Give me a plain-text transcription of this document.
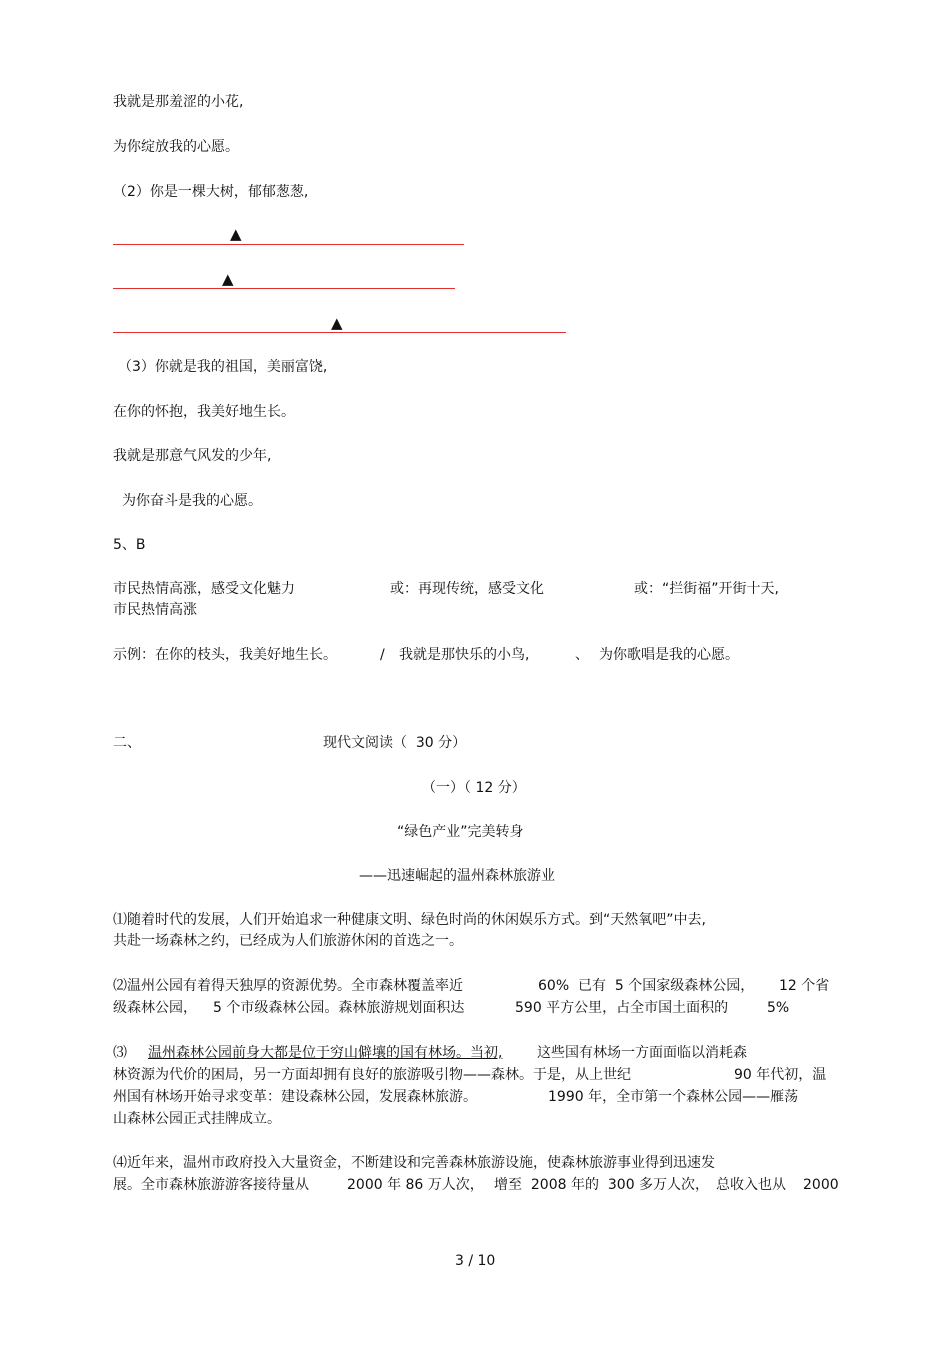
我就是那羞涩的小花,
为你绽放我的心愿。
（2）你是一棵大树，郁郁葱葱,
▲
▲
▲
（3）你就是我的祖国，美丽富饶,
在你的怀抱，我美好地生长。
我就是那意气风发的少年,
为你奋斗是我的心愿。
5、B
市民热情高涨，感受文化魅力	或：再现传统，感受文化	或：“拦街福”开街十天,
市民热情高涨
示例：在你的枝头，我美好地生长。	/ 我就是那快乐的小鸟,	、 为你歌唱是我的心愿。
二、	现代文阅读（  30 分）
（一）（ 12 分）
“绿色产业”完美转身
——迅速崛起的温州森林旅游业
⑴随着时代的发展，人们开始追求一种健康文明、绿色时尚的休闲娱乐方式。到“天然氧吧”中去,
共赴一场森林之约，已经成为人们旅游休闲的首选之一。
⑵温州公园有着得天独厚的资源优势。全市森林覆盖率近	60% 已有  5 个国家级森林公园， 12 个省
级森林公园， 5 个市级森林公园。森林旅游规划面积达	590 平方公里，占全市国土面积的	5%
⑶ 温州森林公园前身大都是位于穷山僻壤的国有林场。当初, 这些国有林场一方面面临以消耗森
林资源为代价的困局，另一方面却拥有良好的旅游吸引物——森林。于是，从上世纪	90 年代初，温
州国有林场开始寻求变革：建设森林公园，发展森林旅游。	1990 年，全市第一个森林公园——雁荡
山森林公园正式挂牌成立。
⑷近年来，温州市政府投入大量资金，不断建设和完善森林旅游设施，使森林旅游事业得到迅速发
展。全市森林旅游游客接待量从	2000 年 86 万人次， 增至  2008 年的  300 多万人次， 总收入也从 2000
3 / 10
